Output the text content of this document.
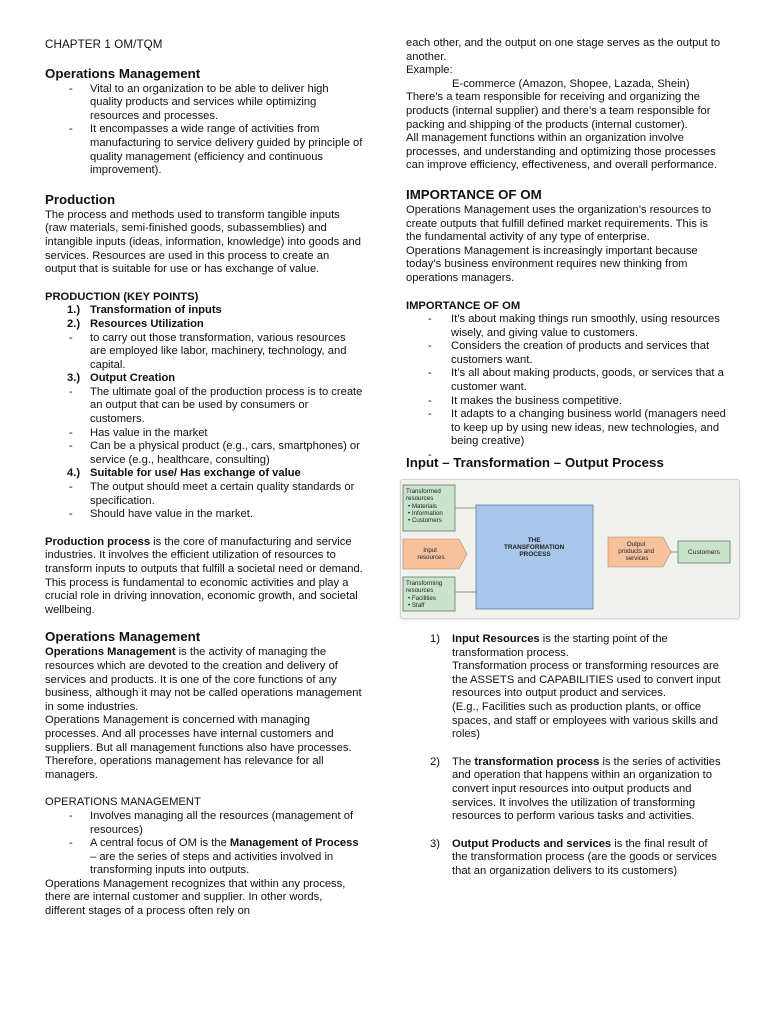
CHAPTER 1 OM/TQM

Operations Management

- Vital to an organization to be able to deliver high quality products and services while optimizing resources and processes.
- It encompasses a wide range of activities from manufacturing to service delivery guided by principle of quality management (efficiency and continuous improvement).

Production

The process and methods used to transform tangible inputs (raw materials, semi-finished goods, subassemblies) and intangible inputs (ideas, information, knowledge) into goods and services. Resources are used in this process to create an output that is suitable for use or has exchange of value.

PRODUCTION (KEY POINTS)

1.) Transformation of inputs
2.) Resources Utilization
- to carry out those transformation, various resources are employed like labor, machinery, technology, and capital.
3.) Output Creation
- The ultimate goal of the production process is to create an output that can be used by consumers or customers.
- Has value in the market
- Can be a physical product (e.g., cars, smartphones) or service (e.g., healthcare, consulting)
4.) Suitable for use/ Has exchange of value
- The output should meet a certain quality standards or specification.
- Should have value in the market.

Production process is the core of manufacturing and service industries. It involves the efficient utilization of resources to transform inputs to outputs that fulfill a societal need or demand.

This process is fundamental to economic activities and play a crucial role in driving innovation, economic growth, and societal wellbeing.

Operations Management

Operations Management is the activity of managing the resources which are devoted to the creation and delivery of services and products. It is one of the core functions of any business, although it may not be called operations management in some industries.

Operations Management is concerned with managing processes. And all processes have internal customers and suppliers. But all management functions also have processes. Therefore, operations management has relevance for all managers.

OPERATIONS MANAGEMENT

- Involves managing all the resources (management of resources)
- A central focus of OM is the Management of Process – are the series of steps and activities involved in transforming inputs into outputs.

Operations Management recognizes that within any process, there are internal customer and supplier. In other words, different stages of a process often rely on

each other, and the output on one stage serves as the output to another.

Example:

E-commerce (Amazon, Shopee, Lazada, Shein)

There’s a team responsible for receiving and organizing the products (internal supplier) and there’s a team responsible for packing and shipping of the products (internal customer).

All management functions within an organization involve processes, and understanding and optimizing those processes can improve efficiency, effectiveness, and overall performance.

IMPORTANCE OF OM

Operations Management uses the organization’s resources to create outputs that fulfill defined market requirements. This is the fundamental activity of any type of enterprise.

Operations Management is increasingly important because today’s business environment requires new thinking from operations managers.

IMPORTANCE OF OM

- It’s about making things run smoothly, using resources wisely, and giving value to customers.
- Considers the creation of products and services that customers want.
- It’s all about making products, goods, or services that a customer want.
- It makes the business competitive.
- It adapts to a changing business world (managers need to keep up by using new ideas, new technologies, and being creative)

Input – Transformation – Output Process

Transformed resources • Materials • Information • Customers
Input resources
Transforming resources • Facilities • Staff
THE TRANSFORMATION PROCESS
Output products and services
Customers
1) Input Resources is the starting point of the transformation process.

Transformation process or transforming resources are the ASSETS and CAPABILITIES used to convert input resources into output product and services.

(E.g., Facilities such as production plants, or office spaces, and staff or employees with various skills and roles)

2) The transformation process is the series of activities and operation that happens within an organization to convert input resources into output products and services. It involves the utilization of transforming resources to perform various tasks and activities.

3) Output Products and services is the final result of the transformation process (are the goods or services that an organization delivers to its customers)
